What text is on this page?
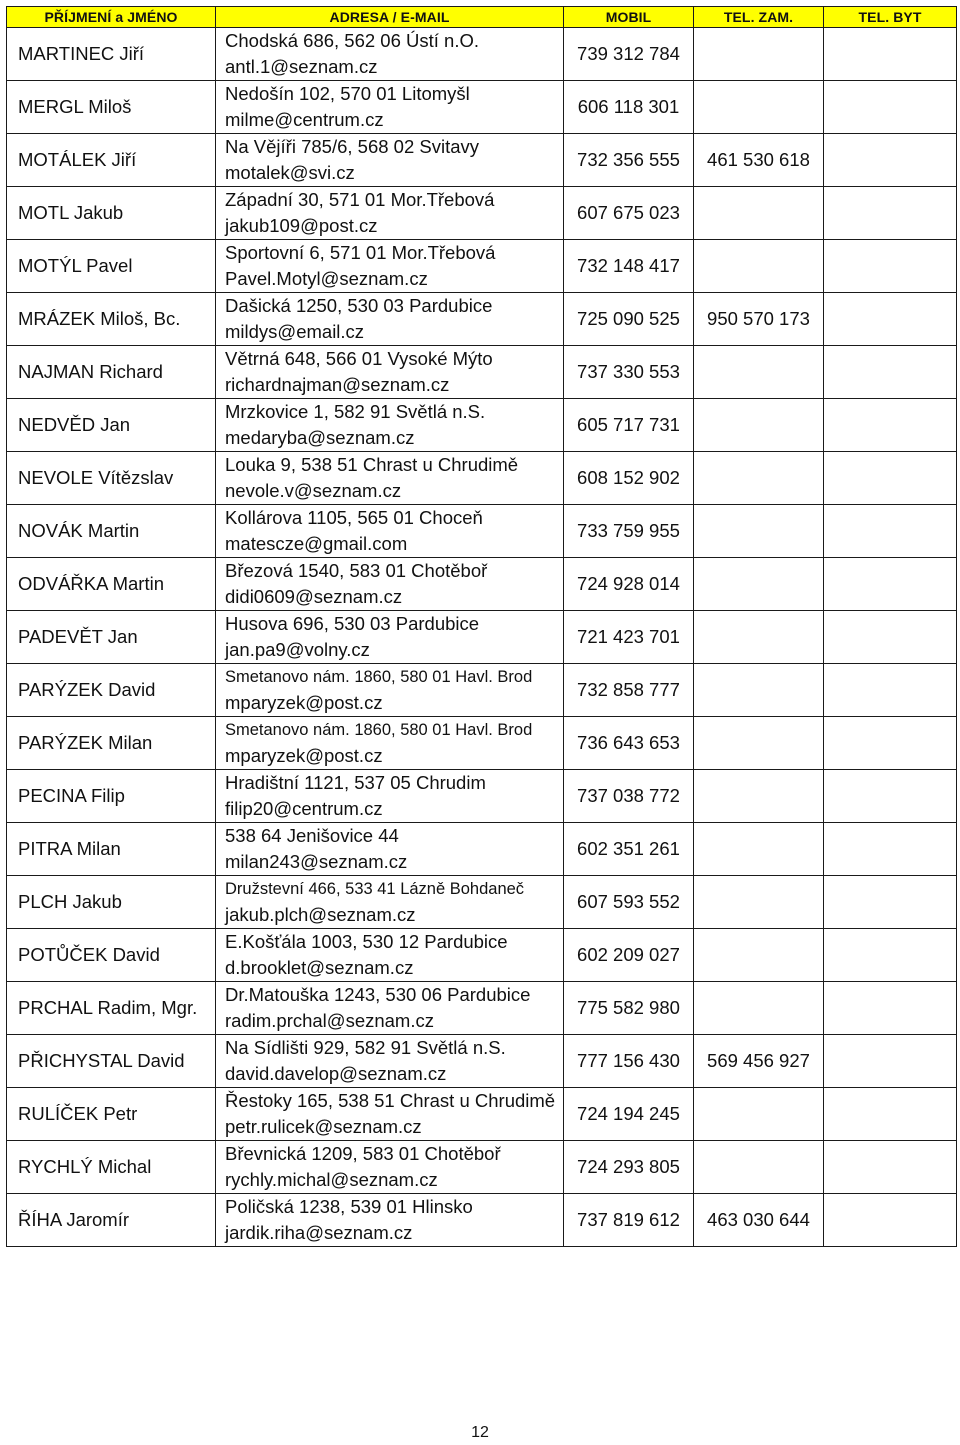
PŘÍJMENÍ a JMÉNO	ADRESA / E-MAIL	MOBIL	TEL. ZAM.	TEL. BYT
MARTINEC Jiří	Chodská 686, 562 06 Ústí n.O.
antl.1@seznam.cz	739 312 784		
MERGL Miloš	Nedošín 102, 570 01 Litomyšl
milme@centrum.cz	606 118 301		
MOTÁLEK Jiří	Na Vějíři 785/6, 568 02 Svitavy
motalek@svi.cz	732 356 555	461 530 618	
MOTL Jakub	Západní 30, 571 01 Mor.Třebová
jakub109@post.cz	607 675 023		
MOTÝL Pavel	Sportovní 6, 571 01 Mor.Třebová
Pavel.Motyl@seznam.cz	732 148 417		
MRÁZEK Miloš, Bc.	Dašická 1250, 530 03 Pardubice
mildys@email.cz	725 090 525	950 570 173	
NAJMAN Richard	Větrná 648, 566 01 Vysoké Mýto
richardnajman@seznam.cz	737 330 553		
NEDVĚD Jan	Mrzkovice 1, 582 91 Světlá n.S.
medaryba@seznam.cz	605 717 731		
NEVOLE Vítězslav	Louka 9, 538 51 Chrast u Chrudimě
nevole.v@seznam.cz	608 152 902		
NOVÁK Martin	Kollárova 1105, 565 01 Choceň
matescze@gmail.com	733 759 955		
ODVÁŘKA Martin	Březová 1540, 583 01 Chotěboř
didi0609@seznam.cz	724 928 014		
PADEVĚT Jan	Husova 696, 530 03 Pardubice
jan.pa9@volny.cz	721 423 701		
PARÝZEK David	Smetanovo nám. 1860, 580 01 Havl. Brod
mparyzek@post.cz	732 858 777		
PARÝZEK Milan	Smetanovo nám. 1860, 580 01 Havl. Brod
mparyzek@post.cz	736 643 653		
PECINA Filip	Hradištní 1121, 537 05 Chrudim
filip20@centrum.cz	737 038 772		
PITRA Milan	538 64 Jenišovice 44
milan243@seznam.cz	602 351 261		
PLCH Jakub	Družstevní 466, 533 41 Lázně Bohdaneč
jakub.plch@seznam.cz	607 593 552		
POTŮČEK David	E.Košťála 1003, 530 12 Pardubice
d.brooklet@seznam.cz	602 209 027		
PRCHAL Radim, Mgr.	Dr.Matouška 1243, 530 06 Pardubice
radim.prchal@seznam.cz	775 582 980		
PŘICHYSTAL David	Na Sídlišti 929, 582 91 Světlá n.S.
david.davelop@seznam.cz	777 156 430	569 456 927	
RULÍČEK Petr	Řestoky 165, 538 51 Chrast u Chrudimě
petr.rulicek@seznam.cz	724 194 245		
RYCHLÝ Michal	Břevnická 1209, 583 01 Chotěboř
rychly.michal@seznam.cz	724 293 805		
ŘÍHA Jaromír	Poličská 1238, 539 01 Hlinsko
jardik.riha@seznam.cz	737 819 612	463 030 644	
12
